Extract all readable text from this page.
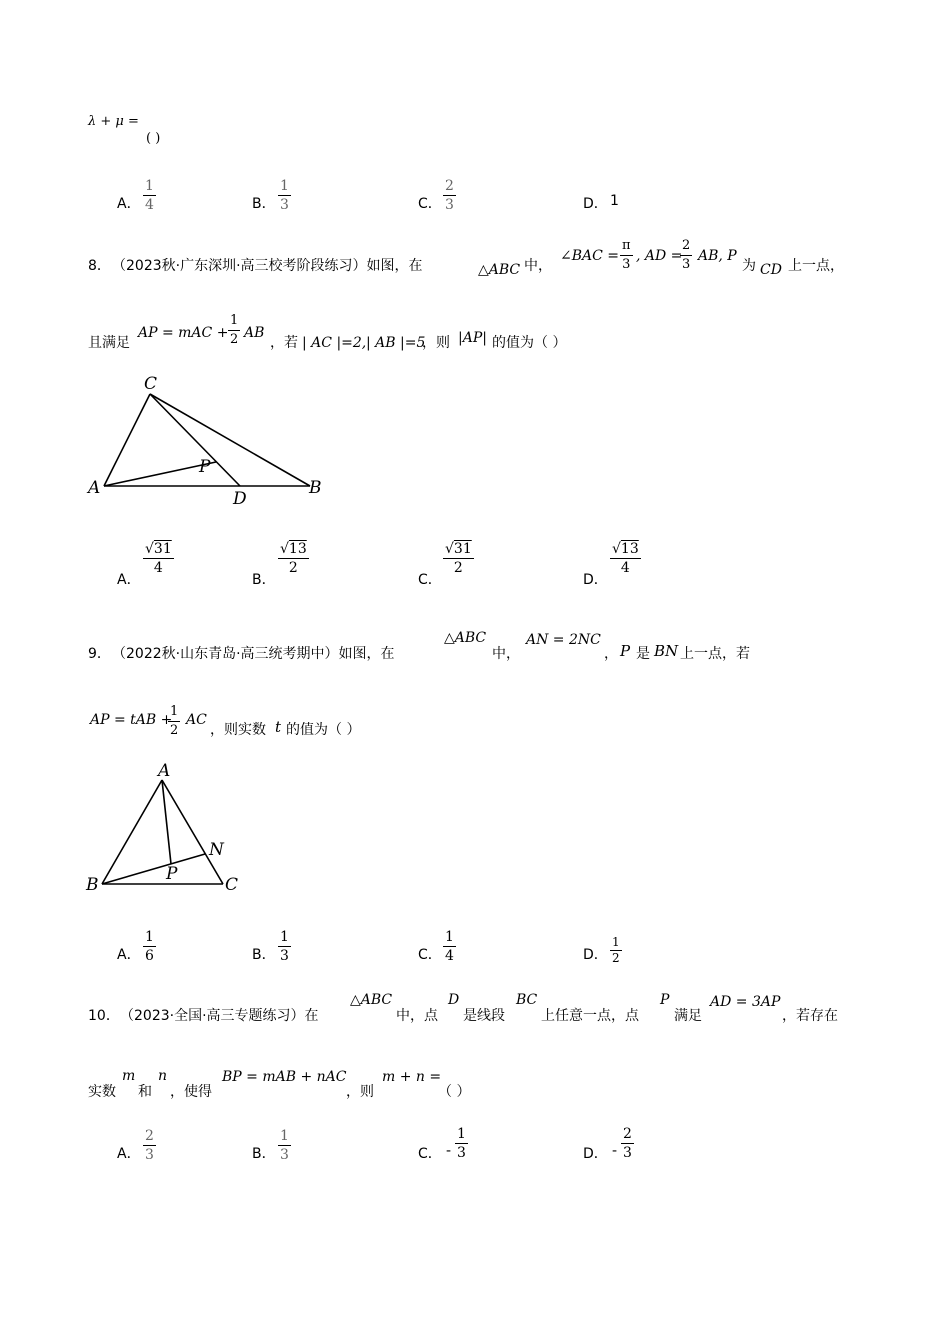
λ + μ =
( )
A． $\frac{1}{4}$	B． $\frac{1}{3}$	C． $\frac{2}{3}$	D． 1
8． （2023秋·广东深圳·高三校考阶段练习）如图，在	△ABC 中，
∠BAC = $\frac{\pi}{3}$ , AD =
$\frac{2}{3}$ AB, P
为 CD 上一点，
且满足
AP = mAC + $\frac{1}{2}$ AB
，若 | AC |=2, | AB |=5
，则 |AP| 的值为（ ）
C
A	B
D
P
A．
$\frac{√31}{4}$
B．
$\frac{√13}{2}$
C．
$\frac{√31}{2}$
D．
$\frac{√13}{4}$
9． （2022秋·山东青岛·高三统考期中）如图，在
△ABC
中，
AN = 2NC
， P 是 BN 上一点，若
AP = tAB +
$\frac{1}{2}$ AC
，则实数 t 的值为（ ）
A
B	C
N
P
A． $\frac{1}{6}$	B． $\frac{1}{3}$	C． $\frac{1}{4}$	D． $\frac{1}{2}$
10． （2023·全国·高三专题练习）在
△ABC
中，点
D
是线段
BC
上任意一点，点
P
满足
AD = 3AP
，若存在
实数
m
和
n
，使得
BP = mAB + nAC
，则
m + n =
（ ）
A． $\frac{2}{3}$	B． $\frac{1}{3}$	C． - $\frac{1}{3}$	D． - $\frac{2}{3}$
